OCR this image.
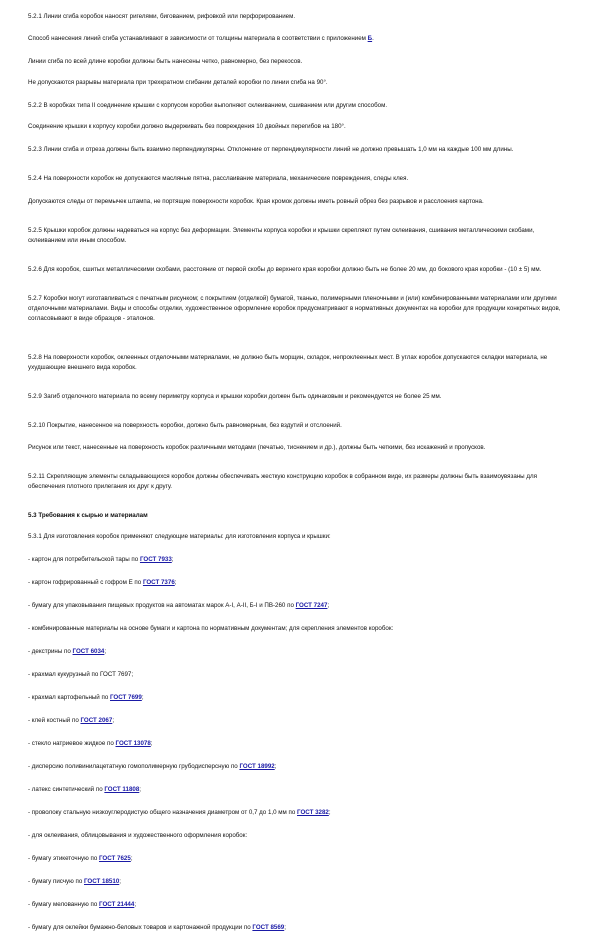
5.2.1 Линии сгиба коробок наносят ригелями, бигованием, рифовкой или перфорированием.

Способ нанесения линий сгиба устанавливают в зависимости от толщины материала в соответствии с приложением Б.

Линии сгиба по всей длине коробки должны быть нанесены четко, равномерно, без перекосов.

Не допускаются разрывы материала при трехкратном сгибании деталей коробки по линии сгиба на 90°.

5.2.2 В коробках типа II соединение крышки с корпусом коробки выполняют склеиванием, сшиванием или другим способом.

Соединение крышки к корпусу коробки должно выдерживать без повреждения 10 двойных перегибов на 180°.

5.2.3 Линии сгиба и отреза должны быть взаимно перпендикулярны. Отклонение от перпендикулярности линий не должно превышать 1,0 мм на каждые 100 мм длины.

5.2.4 На поверхности коробок не допускаются масляные пятна, расслаивание материала, механические повреждения, следы клея.

Допускаются следы от перемычек штампа, не портящие поверхности коробок. Края кромок должны иметь ровный обрез без разрывов и расслоения картона.

5.2.5 Крышки коробок должны надеваться на корпус без деформации. Элементы корпуса коробки и крышки скрепляют путем склеивания, сшивания металлическими скобами, склеиванием или иным способом.

5.2.6 Для коробок, сшитых металлическими скобами, расстояние от первой скобы до верхнего края коробки должно быть не более 20 мм, до бокового края коробки - (10 ± 5) мм.

5.2.7 Коробки могут изготавливаться с печатным рисунком; с покрытием (отделкой) бумагой, тканью, полимерными пленочными и (или) комбинированными материалами или другими отделочными материалами. Виды и способы отделки, художественное оформление коробок предусматривают в нормативных документах на коробки для продукции конкретных видов, согласовывают в виде образцов - эталонов.

5.2.8 На поверхности коробок, оклеенных отделочными материалами, не должно быть морщин, складок, непроклеенных мест. В углах коробок допускаются складки материала, не ухудшающие внешнего вида коробок.

5.2.9 Загиб отделочного материала по всему периметру корпуса и крышки коробки должен быть одинаковым и рекомендуется не более 25 мм.

5.2.10 Покрытие, нанесенное на поверхность коробки, должно быть равномерным, без вздутий и отслоений.

Рисунок или текст, нанесенные на поверхность коробок различными методами (печатью, тиснением и др.), должны быть четкими, без искажений и пропусков.

5.2.11 Скрепляющие элементы складывающихся коробок должны обеспечивать жесткую конструкцию коробок в собранном виде, их размеры должны быть взаимоувязаны для обеспечения плотного прилегания их друг к другу.

5.3 Требования к сырью и материалам

5.3.1 Для изготовления коробок применяют следующие материалы: для изготовления корпуса и крышки:

- картон для потребительской тары по ГОСТ 7933;

- картон гофрированный с гофром Е по ГОСТ 7376;

- бумагу для упаковывания пищевых продуктов на автоматах марок А-I, А-II, Б-I и ПВ-260 по ГОСТ 7247;

- комбинированные материалы на основе бумаги и картона по нормативным документам; для скрепления элементов коробок:

- декстрины по ГОСТ 6034;

- крахмал кукурузный по ГОСТ 7697;

- крахмал картофельный по ГОСТ 7699;

- клей костный по ГОСТ 2067;

- стекло натриевое жидкое по ГОСТ 13078;

- дисперсию поливинилацетатную гомополимерную грубодисперсную по ГОСТ 18992;

- латекс синтетический по ГОСТ 11808;

- проволоку стальную низкоуглеродистую общего назначения диаметром от 0,7 до 1,0 мм по ГОСТ 3282;

- для оклеивания, облицовывания и художественного оформления коробок:

- бумагу этикеточную по ГОСТ 7625;

- бумагу писчую по ГОСТ 18510;

- бумагу мелованную по ГОСТ 21444;

- бумагу для оклейки бумажно-беловых товаров и картонажной продукции по ГОСТ 8569;
